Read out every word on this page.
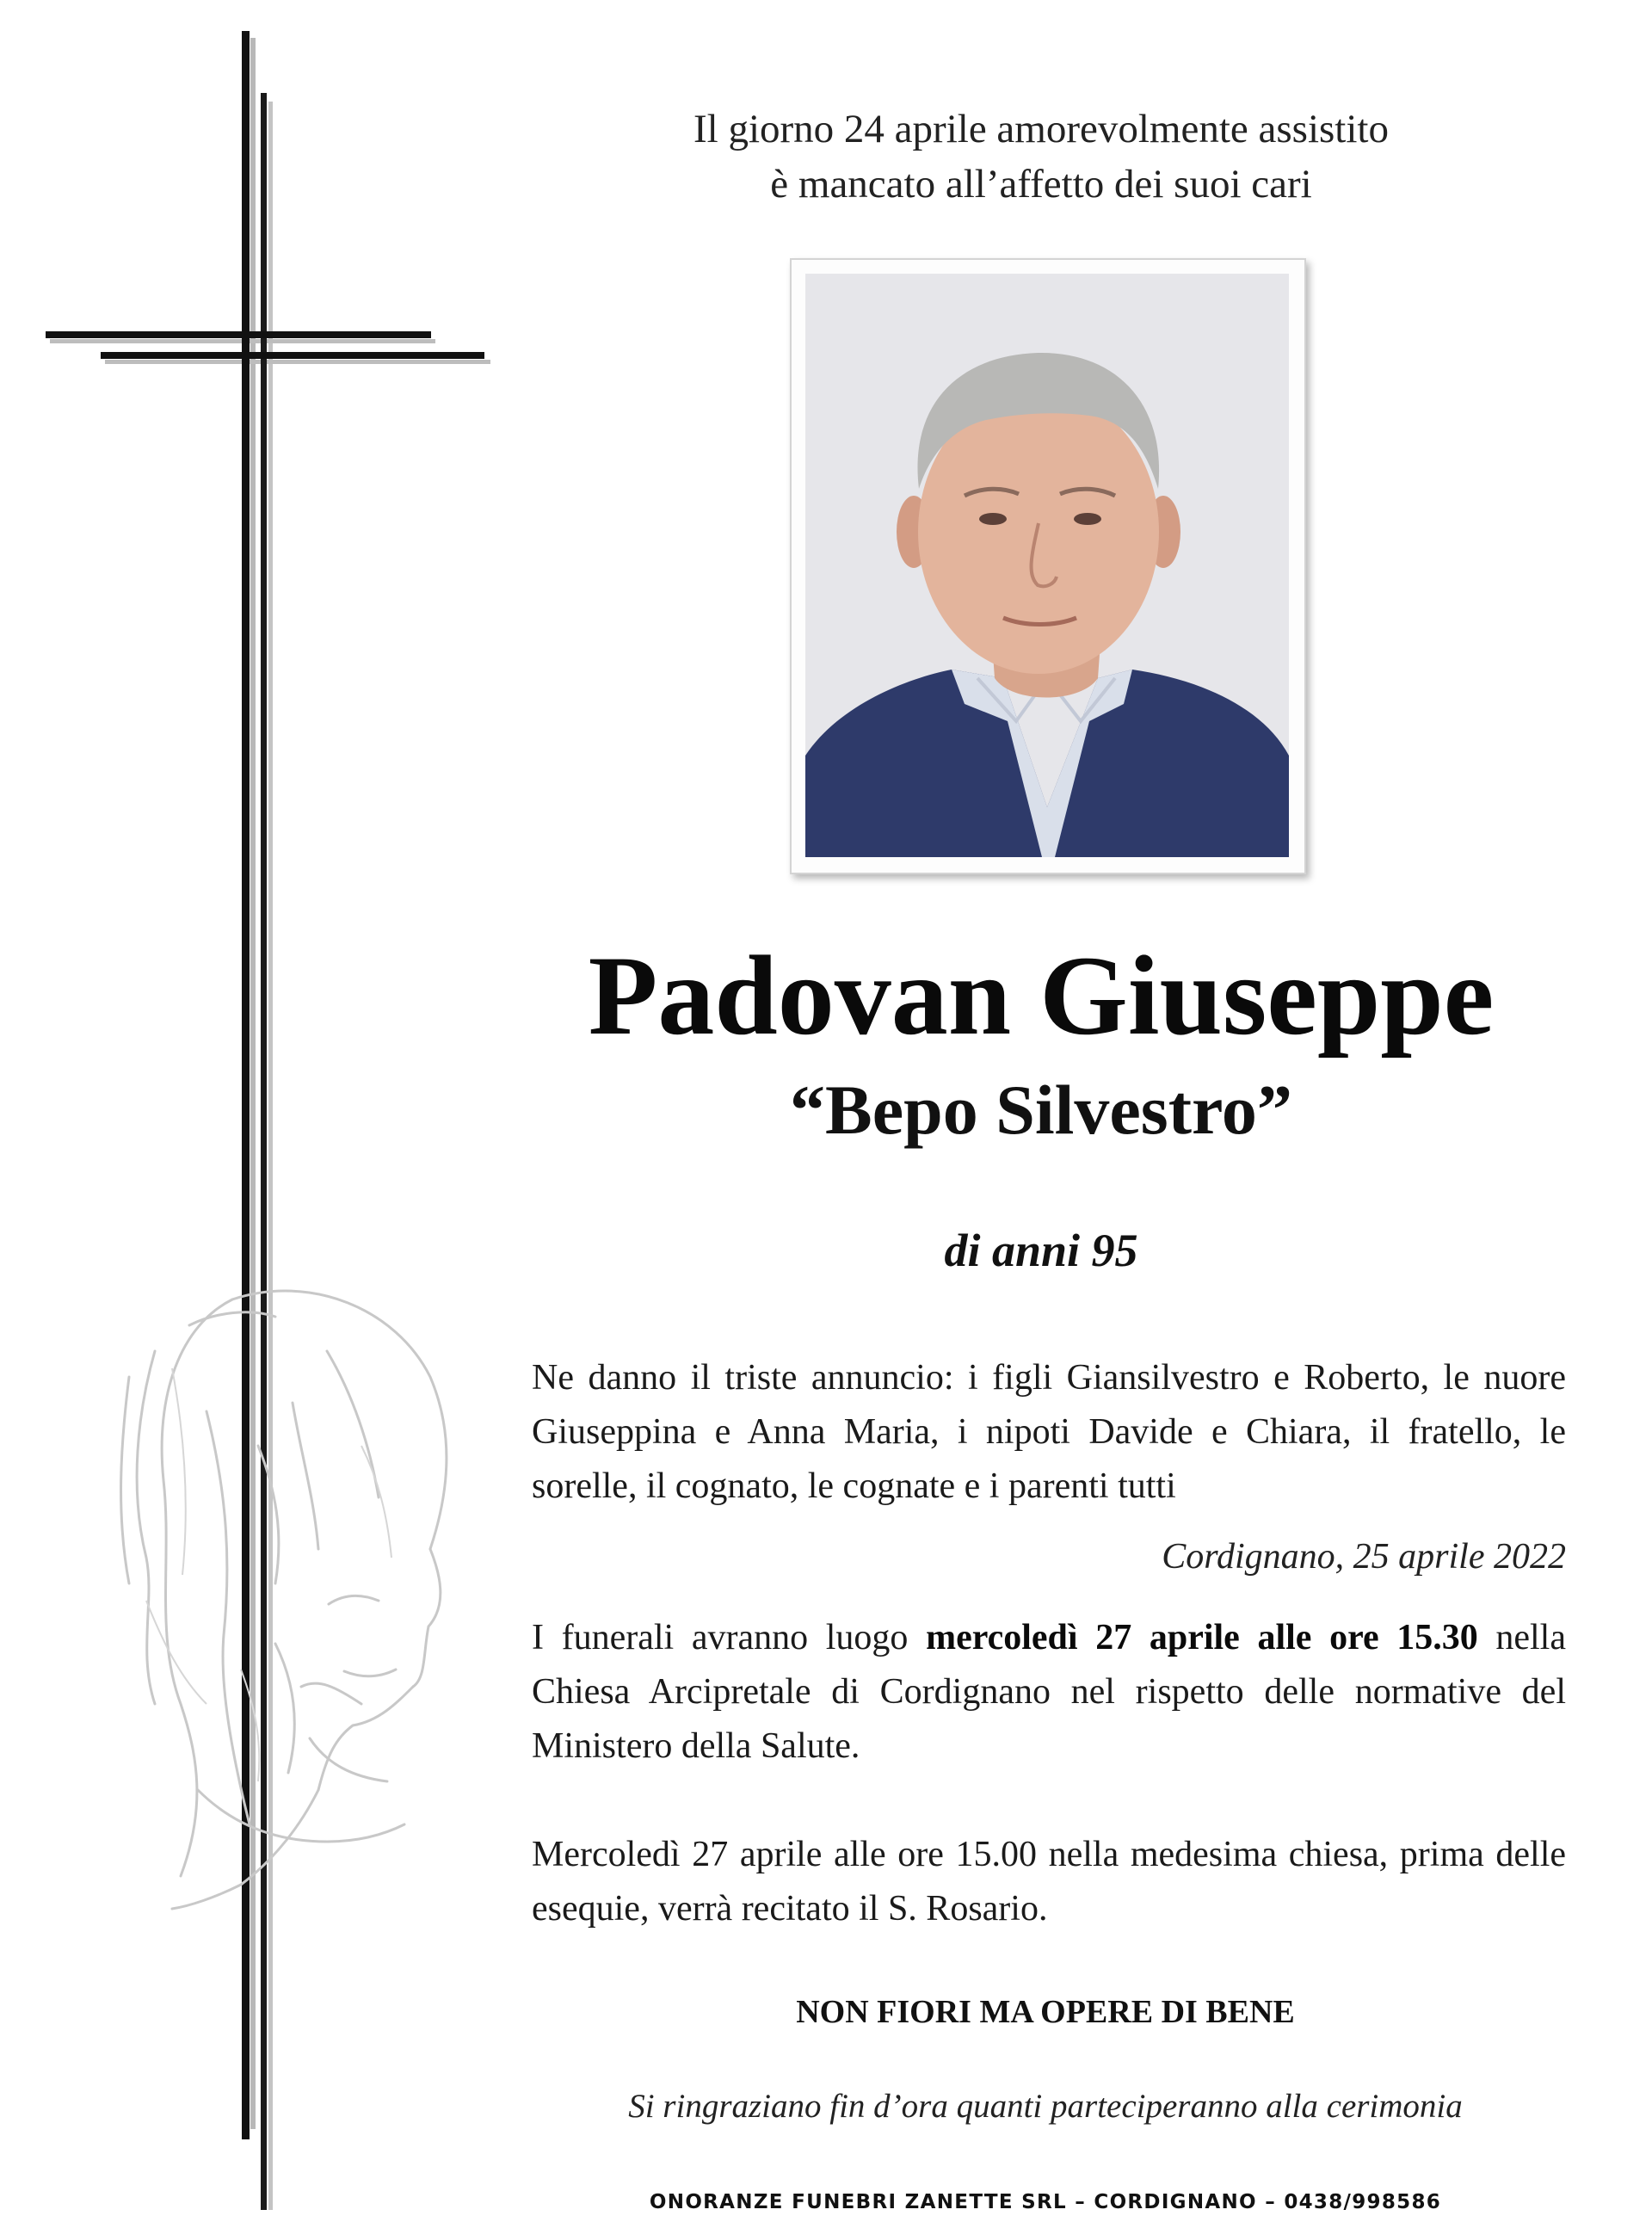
Il giorno 24 aprile amorevolmente assistito
è mancato all’affetto dei suoi cari
Padovan Giuseppe
“Bepo Silvestro”
di anni 95
Ne danno il triste annuncio: i figli Giansilvestro e Roberto, le nuore Giuseppina e Anna Maria, i nipoti Davide e Chiara, il fratello, le sorelle, il cognato, le cognate e i parenti tutti
Cordignano, 25 aprile 2022
I funerali avranno luogo mercoledì 27 aprile alle ore 15.30 nella Chiesa Arcipretale di Cordignano nel rispetto delle normative del Ministero della Salute.
Mercoledì 27 aprile alle ore 15.00 nella medesima chiesa, prima delle esequie, verrà recitato il S. Rosario.
NON FIORI MA OPERE DI BENE
Si ringraziano fin d’ora quanti parteciperanno alla cerimonia
ONORANZE FUNEBRI ZANETTE SRL – CORDIGNANO – 0438/998586
